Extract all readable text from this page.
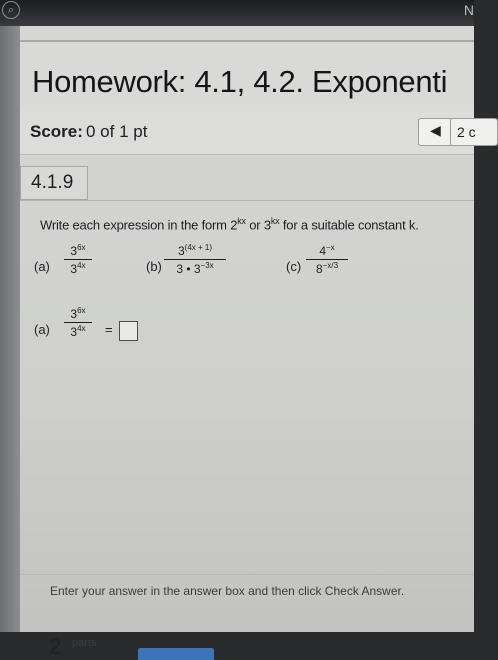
⌕	N
Homework: 4.1, 4.2. Exponenti
Score: 0 of 1 pt	◀	2 c
4.1.9
Write each expression in the form $2^{kx}$ or $3^{kx}$ for a suitable constant k.
(a)
$3^{6x}$
$3^{4x}$	(b)
$3^{(4x + 1)}$
3 • $3^{-3x}$	(c)
$4^{-x}$
$8^{-x/3}$
(a)
$3^{6x}$
$3^{4x}$	=
Enter your answer in the answer box and then click Check Answer.
2 parts
